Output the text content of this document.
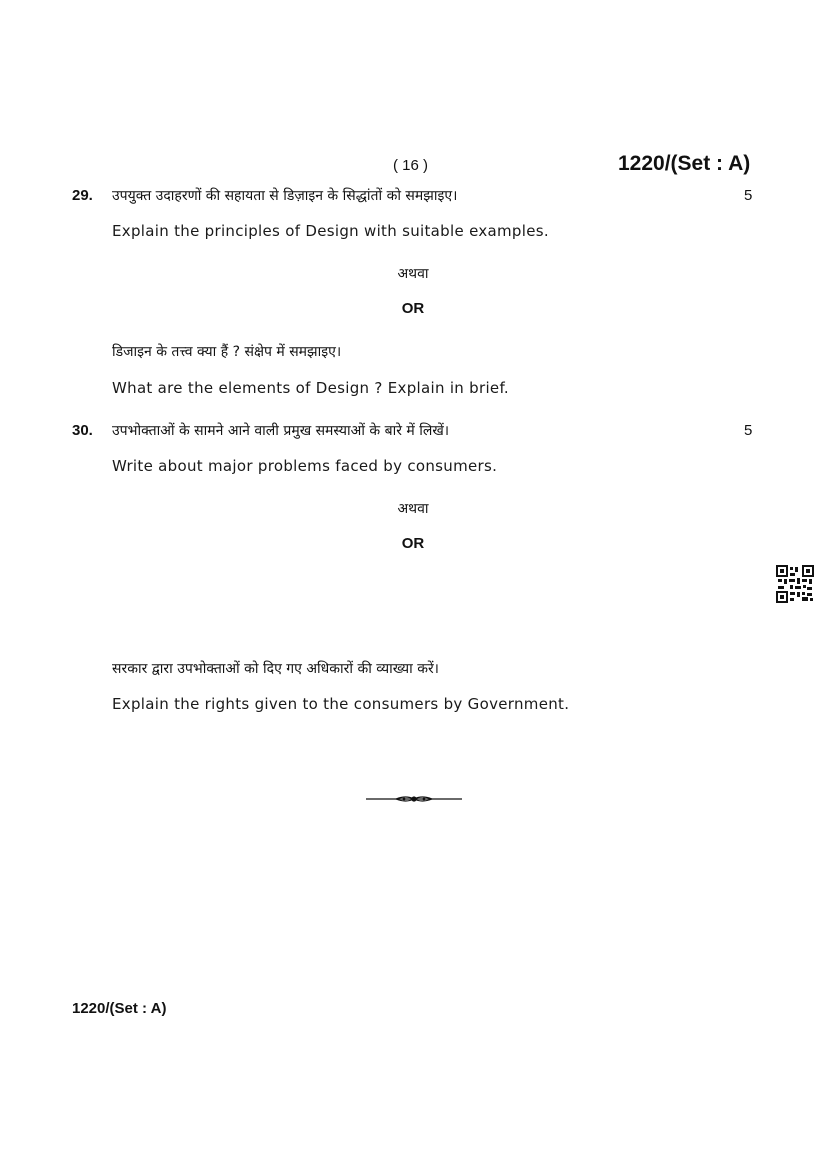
( 16 )	1220/(Set : A)
29. उपयुक्त उदाहरणों की सहायता से डिज़ाइन के सिद्धांतों को समझाइए।	5
Explain the principles of Design with suitable examples.
अथवा
OR
डिजाइन के तत्त्व क्या हैं ? संक्षेप में समझाइए।
What are the elements of Design ? Explain in brief.
30. उपभोक्ताओं के सामने आने वाली प्रमुख समस्याओं के बारे में लिखें।	5
Write about major problems faced by consumers.
अथवा
OR
सरकार द्वारा उपभोक्ताओं को दिए गए अधिकारों की व्याख्या करें।
Explain the rights given to the consumers by Government.
1220/(Set : A)
